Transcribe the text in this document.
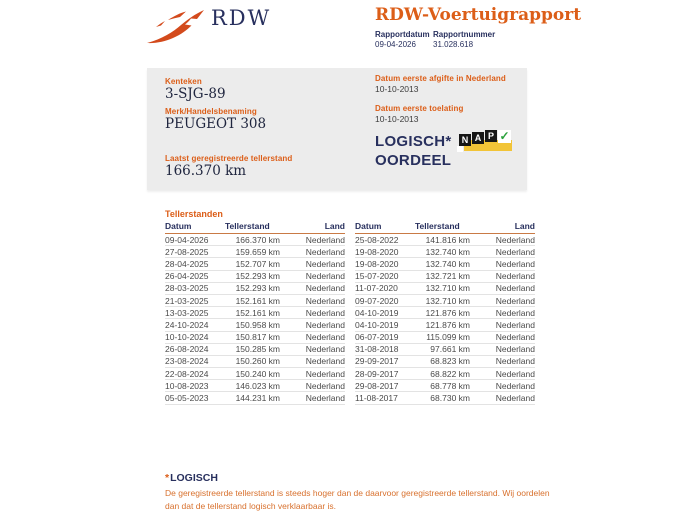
RDW	RDW-Voertuigrapport
Rapportdatum Rapportnummer
09-04-2026 31.028.618
Kenteken
3-SJG-89
Merk/Handelsbenaming
PEUGEOT 308
Laatst geregistreerde tellerstand
166.370 km
Datum eerste afgifte in Nederland
10-10-2013
Datum eerste toelating
10-10-2013
LOGISCH*
OORDEEL
N A P ✓
Tellerstanden
Datum	Tellerstand	Land
09-04-2026	166.370 km	Nederland
27-08-2025	159.659 km	Nederland
28-04-2025	152.707 km	Nederland
26-04-2025	152.293 km	Nederland
28-03-2025	152.293 km	Nederland
21-03-2025	152.161 km	Nederland
13-03-2025	152.161 km	Nederland
24-10-2024	150.958 km	Nederland
10-10-2024	150.817 km	Nederland
26-08-2024	150.285 km	Nederland
23-08-2024	150.260 km	Nederland
22-08-2024	150.240 km	Nederland
10-08-2023	146.023 km	Nederland
05-05-2023	144.231 km	Nederland
Datum	Tellerstand	Land
25-08-2022	141.816 km	Nederland
19-08-2020	132.740 km	Nederland
19-08-2020	132.740 km	Nederland
15-07-2020	132.721 km	Nederland
11-07-2020	132.710 km	Nederland
09-07-2020	132.710 km	Nederland
04-10-2019	121.876 km	Nederland
04-10-2019	121.876 km	Nederland
06-07-2019	115.099 km	Nederland
31-08-2018	97.661 km	Nederland
29-09-2017	68.823 km	Nederland
28-09-2017	68.822 km	Nederland
29-08-2017	68.778 km	Nederland
11-08-2017	68.730 km	Nederland
*LOGISCH
De geregistreerde tellerstand is steeds hoger dan de daarvoor geregistreerde tellerstand. Wij oordelen dan dat de tellerstand logisch verklaarbaar is.
